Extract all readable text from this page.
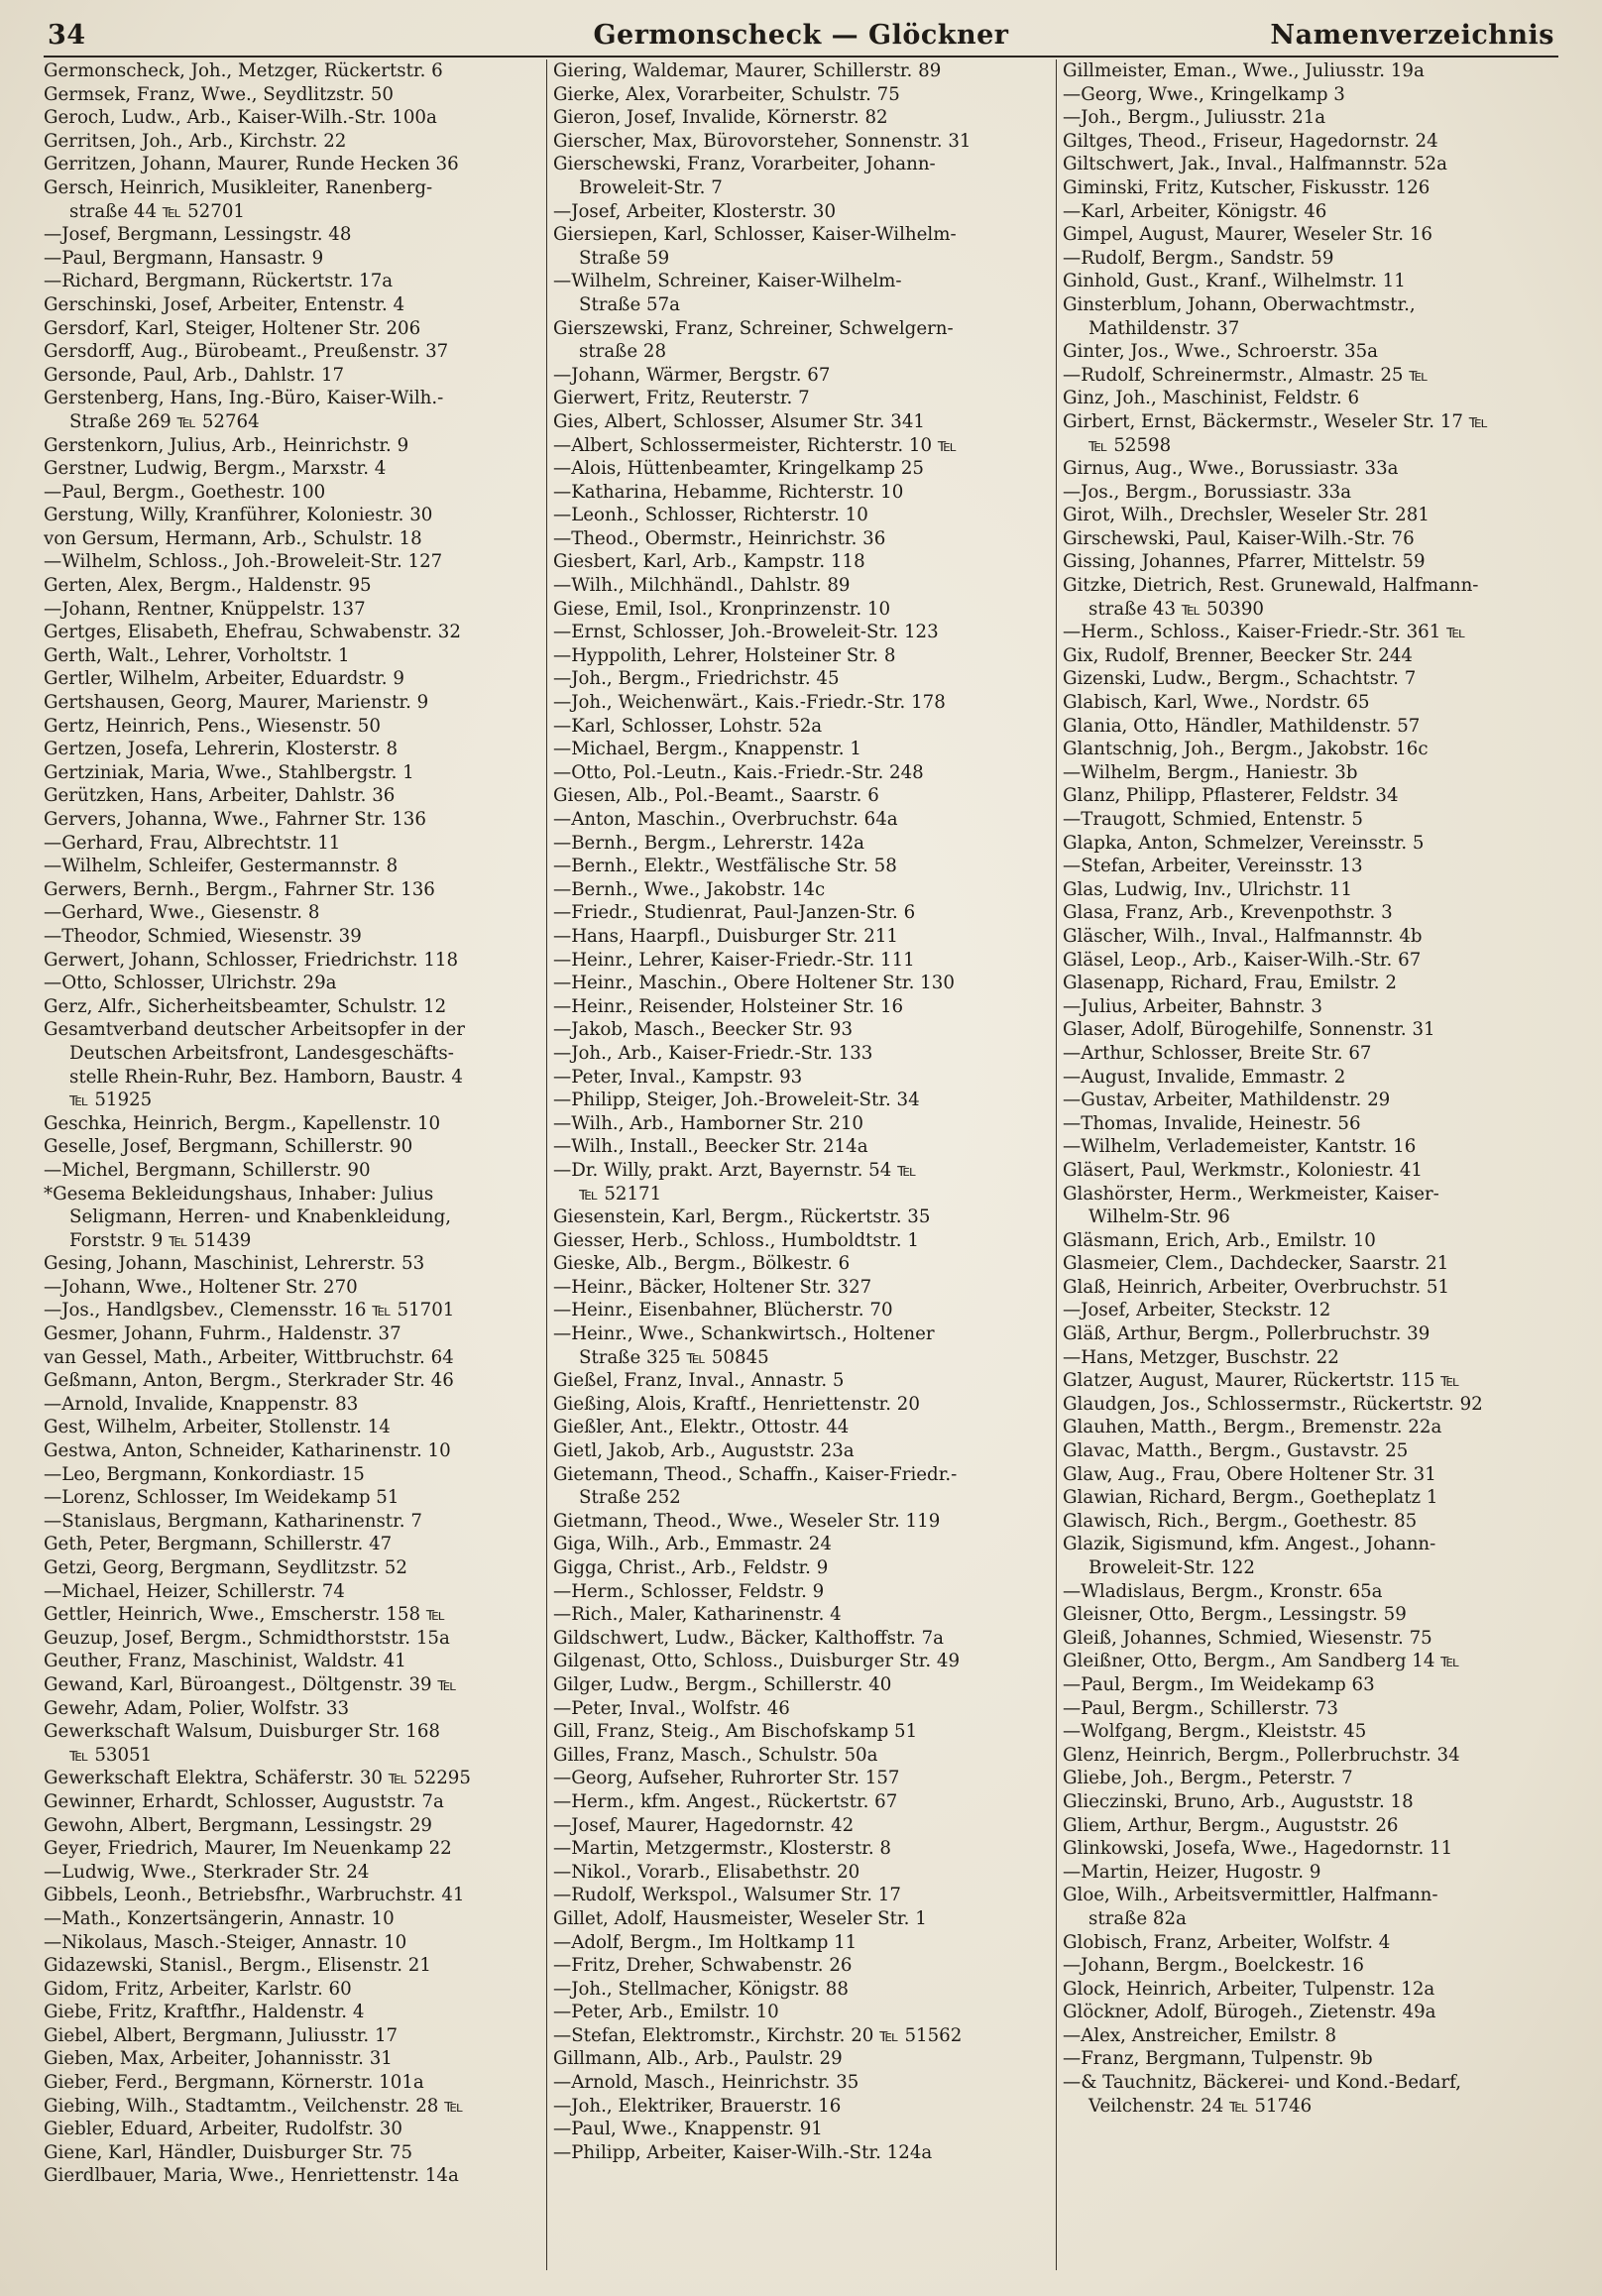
34	Germonscheck — Glöckner	Namenverzeichnis
Germonscheck, Joh., Metzger, Rückertstr. 6
Germsek, Franz, Wwe., Seydlitzstr. 50
Geroch, Ludw., Arb., Kaiser-Wilh.-Str. 100a
Gerritsen, Joh., Arb., Kirchstr. 22
Gerritzen, Johann, Maurer, Runde Hecken 36
Gersch, Heinrich, Musikleiter, Ranenberg-
straße 44 ℡ 52701
—Josef, Bergmann, Lessingstr. 48
—Paul, Bergmann, Hansastr. 9
—Richard, Bergmann, Rückertstr. 17a
Gerschinski, Josef, Arbeiter, Entenstr. 4
Gersdorf, Karl, Steiger, Holtener Str. 206
Gersdorff, Aug., Bürobeamt., Preußenstr. 37
Gersonde, Paul, Arb., Dahlstr. 17
Gerstenberg, Hans, Ing.-Büro, Kaiser-Wilh.-
Straße 269 ℡ 52764
Gerstenkorn, Julius, Arb., Heinrichstr. 9
Gerstner, Ludwig, Bergm., Marxstr. 4
—Paul, Bergm., Goethestr. 100
Gerstung, Willy, Kranführer, Koloniestr. 30
von Gersum, Hermann, Arb., Schulstr. 18
—Wilhelm, Schloss., Joh.-Broweleit-Str. 127
Gerten, Alex, Bergm., Haldenstr. 95
—Johann, Rentner, Knüppelstr. 137
Gertges, Elisabeth, Ehefrau, Schwabenstr. 32
Gerth, Walt., Lehrer, Vorholtstr. 1
Gertler, Wilhelm, Arbeiter, Eduardstr. 9
Gertshausen, Georg, Maurer, Marienstr. 9
Gertz, Heinrich, Pens., Wiesenstr. 50
Gertzen, Josefa, Lehrerin, Klosterstr. 8
Gertziniak, Maria, Wwe., Stahlbergstr. 1
Gerützken, Hans, Arbeiter, Dahlstr. 36
Gervers, Johanna, Wwe., Fahrner Str. 136
—Gerhard, Frau, Albrechtstr. 11
—Wilhelm, Schleifer, Gestermannstr. 8
Gerwers, Bernh., Bergm., Fahrner Str. 136
—Gerhard, Wwe., Giesenstr. 8
—Theodor, Schmied, Wiesenstr. 39
Gerwert, Johann, Schlosser, Friedrichstr. 118
—Otto, Schlosser, Ulrichstr. 29a
Gerz, Alfr., Sicherheitsbeamter, Schulstr. 12
Gesamtverband deutscher Arbeitsopfer in der
Deutschen Arbeitsfront, Landesgeschäfts-
stelle Rhein-Ruhr, Bez. Hamborn, Baustr. 4
℡ 51925
Geschka, Heinrich, Bergm., Kapellenstr. 10
Geselle, Josef, Bergmann, Schillerstr. 90
—Michel, Bergmann, Schillerstr. 90
*Gesema Bekleidungshaus, Inhaber: Julius
Seligmann, Herren- und Knabenkleidung,
Forststr. 9 ℡ 51439
Gesing, Johann, Maschinist, Lehrerstr. 53
—Johann, Wwe., Holtener Str. 270
—Jos., Handlgsbev., Clemensstr. 16 ℡ 51701
Gesmer, Johann, Fuhrm., Haldenstr. 37
van Gessel, Math., Arbeiter, Wittbruchstr. 64
Geßmann, Anton, Bergm., Sterkrader Str. 46
—Arnold, Invalide, Knappenstr. 83
Gest, Wilhelm, Arbeiter, Stollenstr. 14
Gestwa, Anton, Schneider, Katharinenstr. 10
—Leo, Bergmann, Konkordiastr. 15
—Lorenz, Schlosser, Im Weidekamp 51
—Stanislaus, Bergmann, Katharinenstr. 7
Geth, Peter, Bergmann, Schillerstr. 47
Getzi, Georg, Bergmann, Seydlitzstr. 52
—Michael, Heizer, Schillerstr. 74
Gettler, Heinrich, Wwe., Emscherstr. 158 ℡
Geuzup, Josef, Bergm., Schmidthorststr. 15a
Geuther, Franz, Maschinist, Waldstr. 41
Gewand, Karl, Büroangest., Döltgenstr. 39 ℡
Gewehr, Adam, Polier, Wolfstr. 33
Gewerkschaft Walsum, Duisburger Str. 168
℡ 53051
Gewerkschaft Elektra, Schäferstr. 30 ℡ 52295
Gewinner, Erhardt, Schlosser, Auguststr. 7a
Gewohn, Albert, Bergmann, Lessingstr. 29
Geyer, Friedrich, Maurer, Im Neuenkamp 22
—Ludwig, Wwe., Sterkrader Str. 24
Gibbels, Leonh., Betriebsfhr., Warbruchstr. 41
—Math., Konzertsängerin, Annastr. 10
—Nikolaus, Masch.-Steiger, Annastr. 10
Gidazewski, Stanisl., Bergm., Elisenstr. 21
Gidom, Fritz, Arbeiter, Karlstr. 60
Giebe, Fritz, Kraftfhr., Haldenstr. 4
Giebel, Albert, Bergmann, Juliusstr. 17
Gieben, Max, Arbeiter, Johannisstr. 31
Gieber, Ferd., Bergmann, Körnerstr. 101a
Giebing, Wilh., Stadtamtm., Veilchenstr. 28 ℡
Giebler, Eduard, Arbeiter, Rudolfstr. 30
Giene, Karl, Händler, Duisburger Str. 75
Gierdlbauer, Maria, Wwe., Henriettenstr. 14a
Giering, Waldemar, Maurer, Schillerstr. 89
Gierke, Alex, Vorarbeiter, Schulstr. 75
Gieron, Josef, Invalide, Körnerstr. 82
Gierscher, Max, Bürovorsteher, Sonnenstr. 31
Gierschewski, Franz, Vorarbeiter, Johann-
Broweleit-Str. 7
—Josef, Arbeiter, Klosterstr. 30
Giersiepen, Karl, Schlosser, Kaiser-Wilhelm-
Straße 59
—Wilhelm, Schreiner, Kaiser-Wilhelm-
Straße 57a
Gierszewski, Franz, Schreiner, Schwelgern-
straße 28
—Johann, Wärmer, Bergstr. 67
Gierwert, Fritz, Reuterstr. 7
Gies, Albert, Schlosser, Alsumer Str. 341
—Albert, Schlossermeister, Richterstr. 10 ℡
—Alois, Hüttenbeamter, Kringelkamp 25
—Katharina, Hebamme, Richterstr. 10
—Leonh., Schlosser, Richterstr. 10
—Theod., Obermstr., Heinrichstr. 36
Giesbert, Karl, Arb., Kampstr. 118
—Wilh., Milchhändl., Dahlstr. 89
Giese, Emil, Isol., Kronprinzenstr. 10
—Ernst, Schlosser, Joh.-Broweleit-Str. 123
—Hyppolith, Lehrer, Holsteiner Str. 8
—Joh., Bergm., Friedrichstr. 45
—Joh., Weichenwärt., Kais.-Friedr.-Str. 178
—Karl, Schlosser, Lohstr. 52a
—Michael, Bergm., Knappenstr. 1
—Otto, Pol.-Leutn., Kais.-Friedr.-Str. 248
Giesen, Alb., Pol.-Beamt., Saarstr. 6
—Anton, Maschin., Overbruchstr. 64a
—Bernh., Bergm., Lehrerstr. 142a
—Bernh., Elektr., Westfälische Str. 58
—Bernh., Wwe., Jakobstr. 14c
—Friedr., Studienrat, Paul-Janzen-Str. 6
—Hans, Haarpfl., Duisburger Str. 211
—Heinr., Lehrer, Kaiser-Friedr.-Str. 111
—Heinr., Maschin., Obere Holtener Str. 130
—Heinr., Reisender, Holsteiner Str. 16
—Jakob, Masch., Beecker Str. 93
—Joh., Arb., Kaiser-Friedr.-Str. 133
—Peter, Inval., Kampstr. 93
—Philipp, Steiger, Joh.-Broweleit-Str. 34
—Wilh., Arb., Hamborner Str. 210
—Wilh., Install., Beecker Str. 214a
—Dr. Willy, prakt. Arzt, Bayernstr. 54 ℡
℡ 52171
Giesenstein, Karl, Bergm., Rückertstr. 35
Giesser, Herb., Schloss., Humboldtstr. 1
Gieske, Alb., Bergm., Bölkestr. 6
—Heinr., Bäcker, Holtener Str. 327
—Heinr., Eisenbahner, Blücherstr. 70
—Heinr., Wwe., Schankwirtsch., Holtener
Straße 325 ℡ 50845
Gießel, Franz, Inval., Annastr. 5
Gießing, Alois, Kraftf., Henriettenstr. 20
Gießler, Ant., Elektr., Ottostr. 44
Gietl, Jakob, Arb., Auguststr. 23a
Gietemann, Theod., Schaffn., Kaiser-Friedr.-
Straße 252
Gietmann, Theod., Wwe., Weseler Str. 119
Giga, Wilh., Arb., Emmastr. 24
Gigga, Christ., Arb., Feldstr. 9
—Herm., Schlosser, Feldstr. 9
—Rich., Maler, Katharinenstr. 4
Gildschwert, Ludw., Bäcker, Kalthoffstr. 7a
Gilgenast, Otto, Schloss., Duisburger Str. 49
Gilger, Ludw., Bergm., Schillerstr. 40
—Peter, Inval., Wolfstr. 46
Gill, Franz, Steig., Am Bischofskamp 51
Gilles, Franz, Masch., Schulstr. 50a
—Georg, Aufseher, Ruhrorter Str. 157
—Herm., kfm. Angest., Rückertstr. 67
—Josef, Maurer, Hagedornstr. 42
—Martin, Metzgermstr., Klosterstr. 8
—Nikol., Vorarb., Elisabethstr. 20
—Rudolf, Werkspol., Walsumer Str. 17
Gillet, Adolf, Hausmeister, Weseler Str. 1
—Adolf, Bergm., Im Holtkamp 11
—Fritz, Dreher, Schwabenstr. 26
—Joh., Stellmacher, Königstr. 88
—Peter, Arb., Emilstr. 10
—Stefan, Elektromstr., Kirchstr. 20 ℡ 51562
Gillmann, Alb., Arb., Paulstr. 29
—Arnold, Masch., Heinrichstr. 35
—Joh., Elektriker, Brauerstr. 16
—Paul, Wwe., Knappenstr. 91
—Philipp, Arbeiter, Kaiser-Wilh.-Str. 124a
Gillmeister, Eman., Wwe., Juliusstr. 19a
—Georg, Wwe., Kringelkamp 3
—Joh., Bergm., Juliusstr. 21a
Giltges, Theod., Friseur, Hagedornstr. 24
Giltschwert, Jak., Inval., Halfmannstr. 52a
Giminski, Fritz, Kutscher, Fiskusstr. 126
—Karl, Arbeiter, Königstr. 46
Gimpel, August, Maurer, Weseler Str. 16
—Rudolf, Bergm., Sandstr. 59
Ginhold, Gust., Kranf., Wilhelmstr. 11
Ginsterblum, Johann, Oberwachtmstr.,
Mathildenstr. 37
Ginter, Jos., Wwe., Schroerstr. 35a
—Rudolf, Schreinermstr., Almastr. 25 ℡
Ginz, Joh., Maschinist, Feldstr. 6
Girbert, Ernst, Bäckermstr., Weseler Str. 17 ℡
℡ 52598
Girnus, Aug., Wwe., Borussiastr. 33a
—Jos., Bergm., Borussiastr. 33a
Girot, Wilh., Drechsler, Weseler Str. 281
Girschewski, Paul, Kaiser-Wilh.-Str. 76
Gissing, Johannes, Pfarrer, Mittelstr. 59
Gitzke, Dietrich, Rest. Grunewald, Halfmann-
straße 43 ℡ 50390
—Herm., Schloss., Kaiser-Friedr.-Str. 361 ℡
Gix, Rudolf, Brenner, Beecker Str. 244
Gizenski, Ludw., Bergm., Schachtstr. 7
Glabisch, Karl, Wwe., Nordstr. 65
Glania, Otto, Händler, Mathildenstr. 57
Glantschnig, Joh., Bergm., Jakobstr. 16c
—Wilhelm, Bergm., Haniestr. 3b
Glanz, Philipp, Pflasterer, Feldstr. 34
—Traugott, Schmied, Entenstr. 5
Glapka, Anton, Schmelzer, Vereinsstr. 5
—Stefan, Arbeiter, Vereinsstr. 13
Glas, Ludwig, Inv., Ulrichstr. 11
Glasa, Franz, Arb., Krevenpothstr. 3
Gläscher, Wilh., Inval., Halfmannstr. 4b
Gläsel, Leop., Arb., Kaiser-Wilh.-Str. 67
Glasenapp, Richard, Frau, Emilstr. 2
—Julius, Arbeiter, Bahnstr. 3
Glaser, Adolf, Bürogehilfe, Sonnenstr. 31
—Arthur, Schlosser, Breite Str. 67
—August, Invalide, Emmastr. 2
—Gustav, Arbeiter, Mathildenstr. 29
—Thomas, Invalide, Heinestr. 56
—Wilhelm, Verlademeister, Kantstr. 16
Gläsert, Paul, Werkmstr., Koloniestr. 41
Glashörster, Herm., Werkmeister, Kaiser-
Wilhelm-Str. 96
Gläsmann, Erich, Arb., Emilstr. 10
Glasmeier, Clem., Dachdecker, Saarstr. 21
Glaß, Heinrich, Arbeiter, Overbruchstr. 51
—Josef, Arbeiter, Steckstr. 12
Gläß, Arthur, Bergm., Pollerbruchstr. 39
—Hans, Metzger, Buschstr. 22
Glatzer, August, Maurer, Rückertstr. 115 ℡
Glaudgen, Jos., Schlossermstr., Rückertstr. 92
Glauhen, Matth., Bergm., Bremenstr. 22a
Glavac, Matth., Bergm., Gustavstr. 25
Glaw, Aug., Frau, Obere Holtener Str. 31
Glawian, Richard, Bergm., Goetheplatz 1
Glawisch, Rich., Bergm., Goethestr. 85
Glazik, Sigismund, kfm. Angest., Johann-
Broweleit-Str. 122
—Wladislaus, Bergm., Kronstr. 65a
Gleisner, Otto, Bergm., Lessingstr. 59
Gleiß, Johannes, Schmied, Wiesenstr. 75
Gleißner, Otto, Bergm., Am Sandberg 14 ℡
—Paul, Bergm., Im Weidekamp 63
—Paul, Bergm., Schillerstr. 73
—Wolfgang, Bergm., Kleiststr. 45
Glenz, Heinrich, Bergm., Pollerbruchstr. 34
Gliebe, Joh., Bergm., Peterstr. 7
Glieczinski, Bruno, Arb., Auguststr. 18
Gliem, Arthur, Bergm., Auguststr. 26
Glinkowski, Josefa, Wwe., Hagedornstr. 11
—Martin, Heizer, Hugostr. 9
Gloe, Wilh., Arbeitsvermittler, Halfmann-
straße 82a
Globisch, Franz, Arbeiter, Wolfstr. 4
—Johann, Bergm., Boelckestr. 16
Glock, Heinrich, Arbeiter, Tulpenstr. 12a
Glöckner, Adolf, Bürogeh., Zietenstr. 49a
—Alex, Anstreicher, Emilstr. 8
—Franz, Bergmann, Tulpenstr. 9b
—& Tauchnitz, Bäckerei- und Kond.-Bedarf,
Veilchenstr. 24 ℡ 51746
